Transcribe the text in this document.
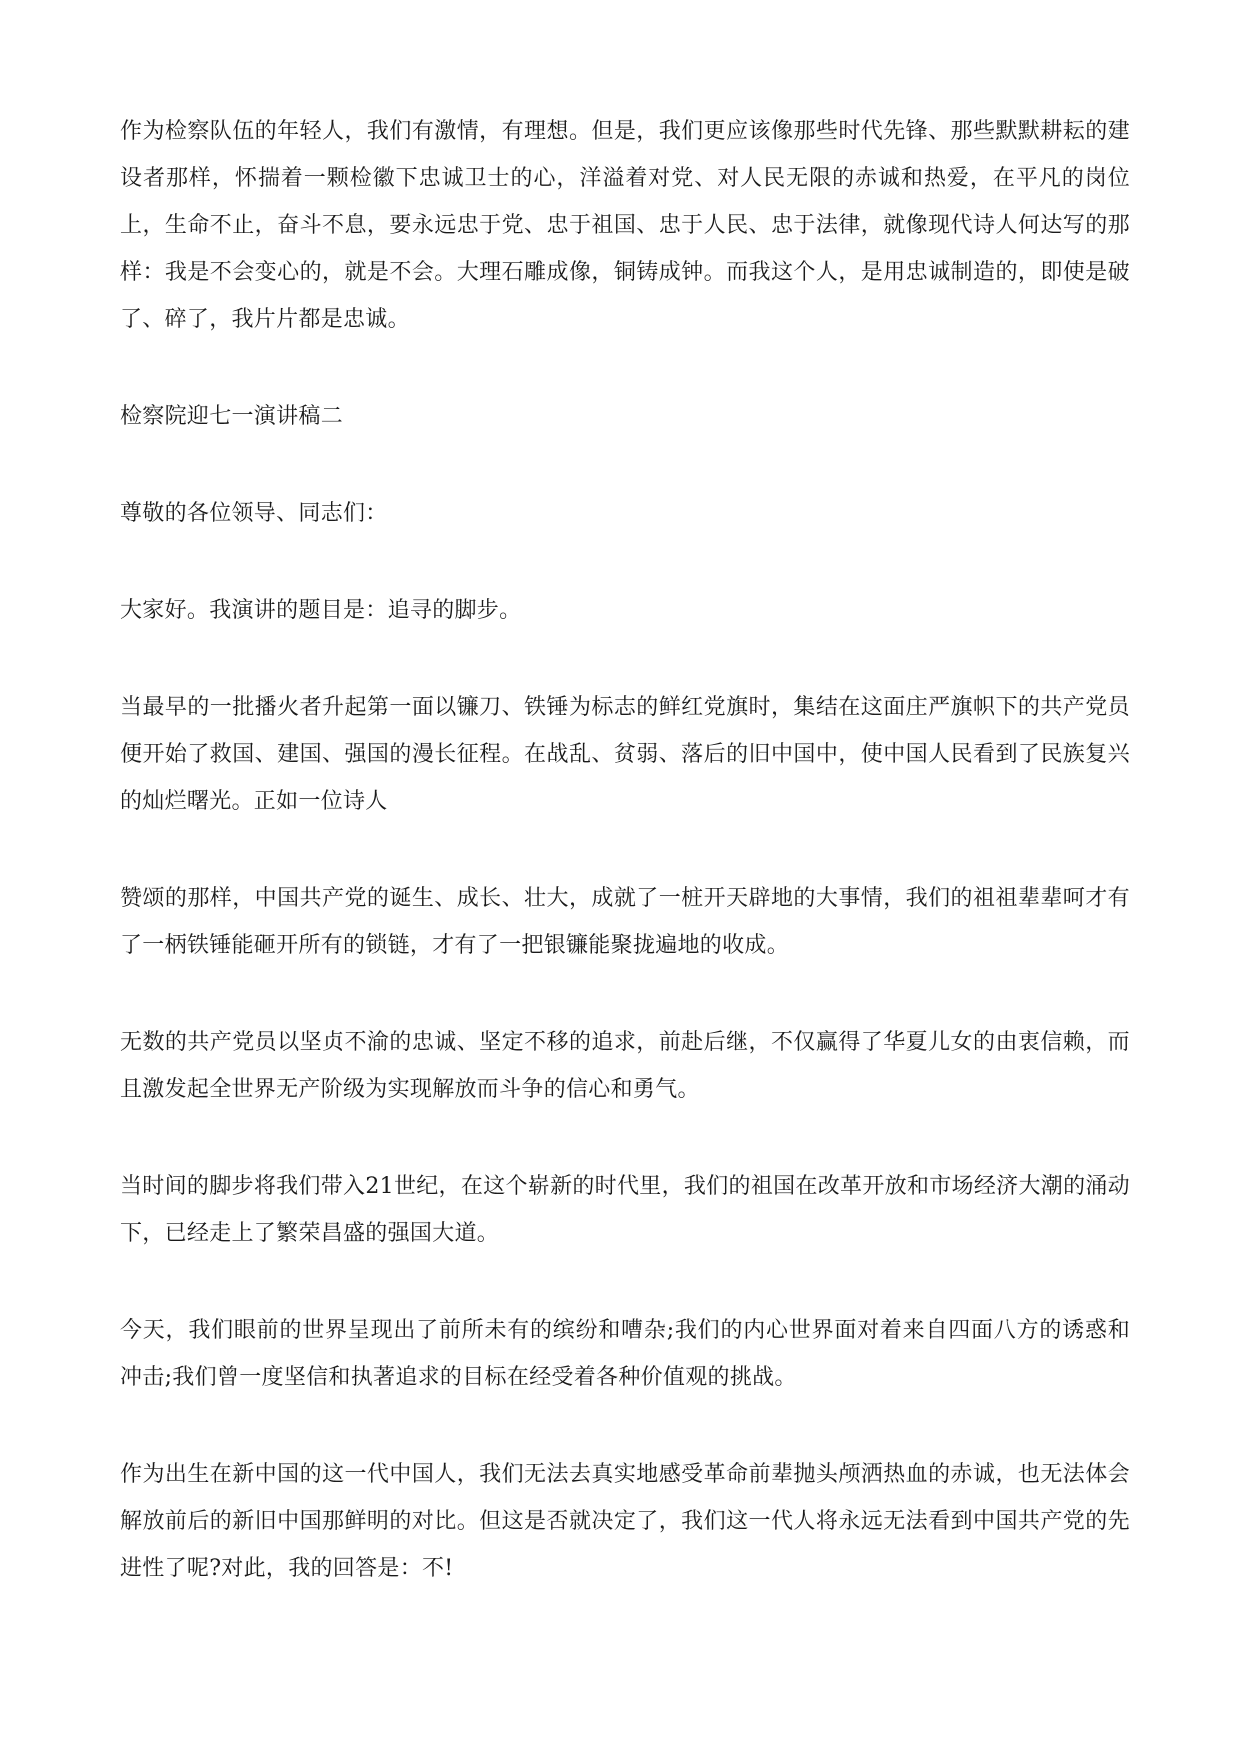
作为检察队伍的年轻人，我们有激情，有理想。但是，我们更应该像那些时代先锋、那些默默耕耘的建设者那样，怀揣着一颗检徽下忠诚卫士的心，洋溢着对党、对人民无限的赤诚和热爱，在平凡的岗位上，生命不止，奋斗不息，要永远忠于党、忠于祖国、忠于人民、忠于法律，就像现代诗人何达写的那样：我是不会变心的，就是不会。大理石雕成像，铜铸成钟。而我这个人，是用忠诚制造的，即使是破了、碎了，我片片都是忠诚。

检察院迎七一演讲稿二

尊敬的各位领导、同志们：

大家好。我演讲的题目是：追寻的脚步。

当最早的一批播火者升起第一面以镰刀、铁锤为标志的鲜红党旗时，集结在这面庄严旗帜下的共产党员便开始了救国、建国、强国的漫长征程。在战乱、贫弱、落后的旧中国中，使中国人民看到了民族复兴的灿烂曙光。正如一位诗人

赞颂的那样，中国共产党的诞生、成长、壮大，成就了一桩开天辟地的大事情，我们的祖祖辈辈呵才有了一柄铁锤能砸开所有的锁链，才有了一把银镰能聚拢遍地的收成。

无数的共产党员以坚贞不渝的忠诚、坚定不移的追求，前赴后继，不仅赢得了华夏儿女的由衷信赖，而且激发起全世界无产阶级为实现解放而斗争的信心和勇气。

当时间的脚步将我们带入21世纪，在这个崭新的时代里，我们的祖国在改革开放和市场经济大潮的涌动下，已经走上了繁荣昌盛的强国大道。

今天，我们眼前的世界呈现出了前所未有的缤纷和嘈杂;我们的内心世界面对着来自四面八方的诱惑和冲击;我们曾一度坚信和执著追求的目标在经受着各种价值观的挑战。

作为出生在新中国的这一代中国人，我们无法去真实地感受革命前辈抛头颅洒热血的赤诚，也无法体会解放前后的新旧中国那鲜明的对比。但这是否就决定了，我们这一代人将永远无法看到中国共产党的先进性了呢?对此，我的回答是：不!
